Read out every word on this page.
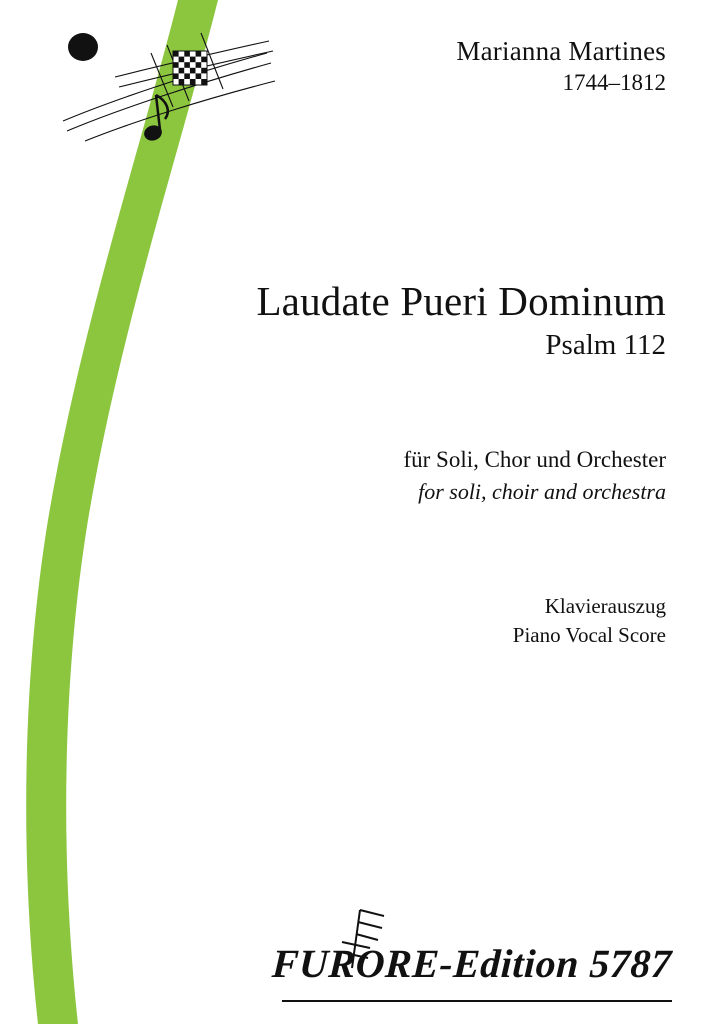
Marianna Martines
1744–1812
Laudate Pueri Dominum
Psalm 112
für Soli, Chor und Orchester
for soli, choir and orchestra
Klavierauszug
Piano Vocal Score
FURORE-Edition 5787
